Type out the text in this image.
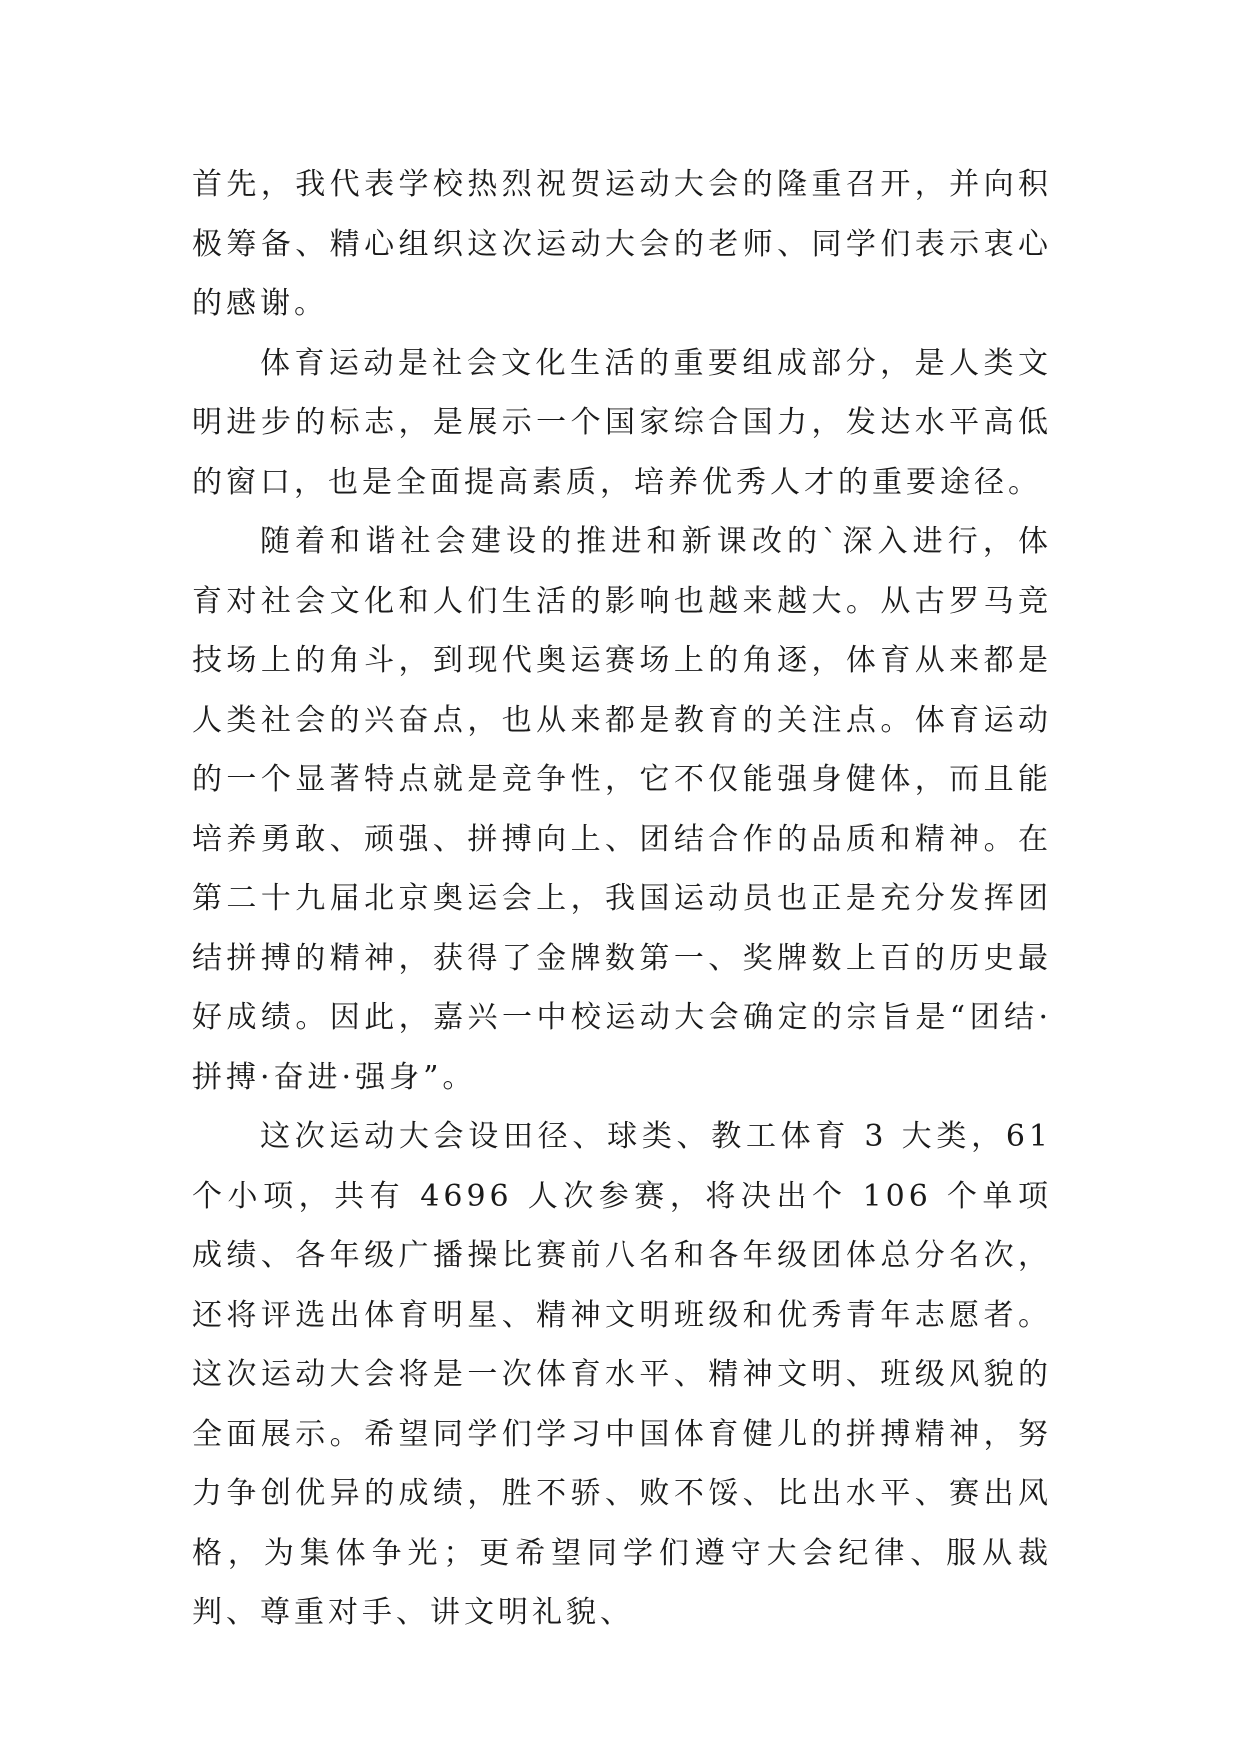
首先，我代表学校热烈祝贺运动大会的隆重召开，并向积极筹备、精心组织这次运动大会的老师、同学们表示衷心的感谢。

体育运动是社会文化生活的重要组成部分，是人类文明进步的标志，是展示一个国家综合国力，发达水平高低的窗口，也是全面提高素质，培养优秀人才的重要途径。

随着和谐社会建设的推进和新课改的`深入进行，体育对社会文化和人们生活的影响也越来越大。从古罗马竞技场上的角斗，到现代奥运赛场上的角逐，体育从来都是人类社会的兴奋点，也从来都是教育的关注点。体育运动的一个显著特点就是竞争性，它不仅能强身健体，而且能培养勇敢、顽强、拼搏向上、团结合作的品质和精神。在第二十九届北京奥运会上，我国运动员也正是充分发挥团结拼搏的精神，获得了金牌数第一、奖牌数上百的历史最好成绩。因此，嘉兴一中校运动大会确定的宗旨是“团结·拼搏·奋进·强身”。

这次运动大会设田径、球类、教工体育 3 大类，61 个小项，共有 4696 人次参赛，将决出个 106 个单项成绩、各年级广播操比赛前八名和各年级团体总分名次，还将评选出体育明星、精神文明班级和优秀青年志愿者。这次运动大会将是一次体育水平、精神文明、班级风貌的全面展示。希望同学们学习中国体育健儿的拼搏精神，努力争创优异的成绩，胜不骄、败不馁、比出水平、赛出风格，为集体争光；更希望同学们遵守大会纪律、服从裁判、尊重对手、讲文明礼貌、
